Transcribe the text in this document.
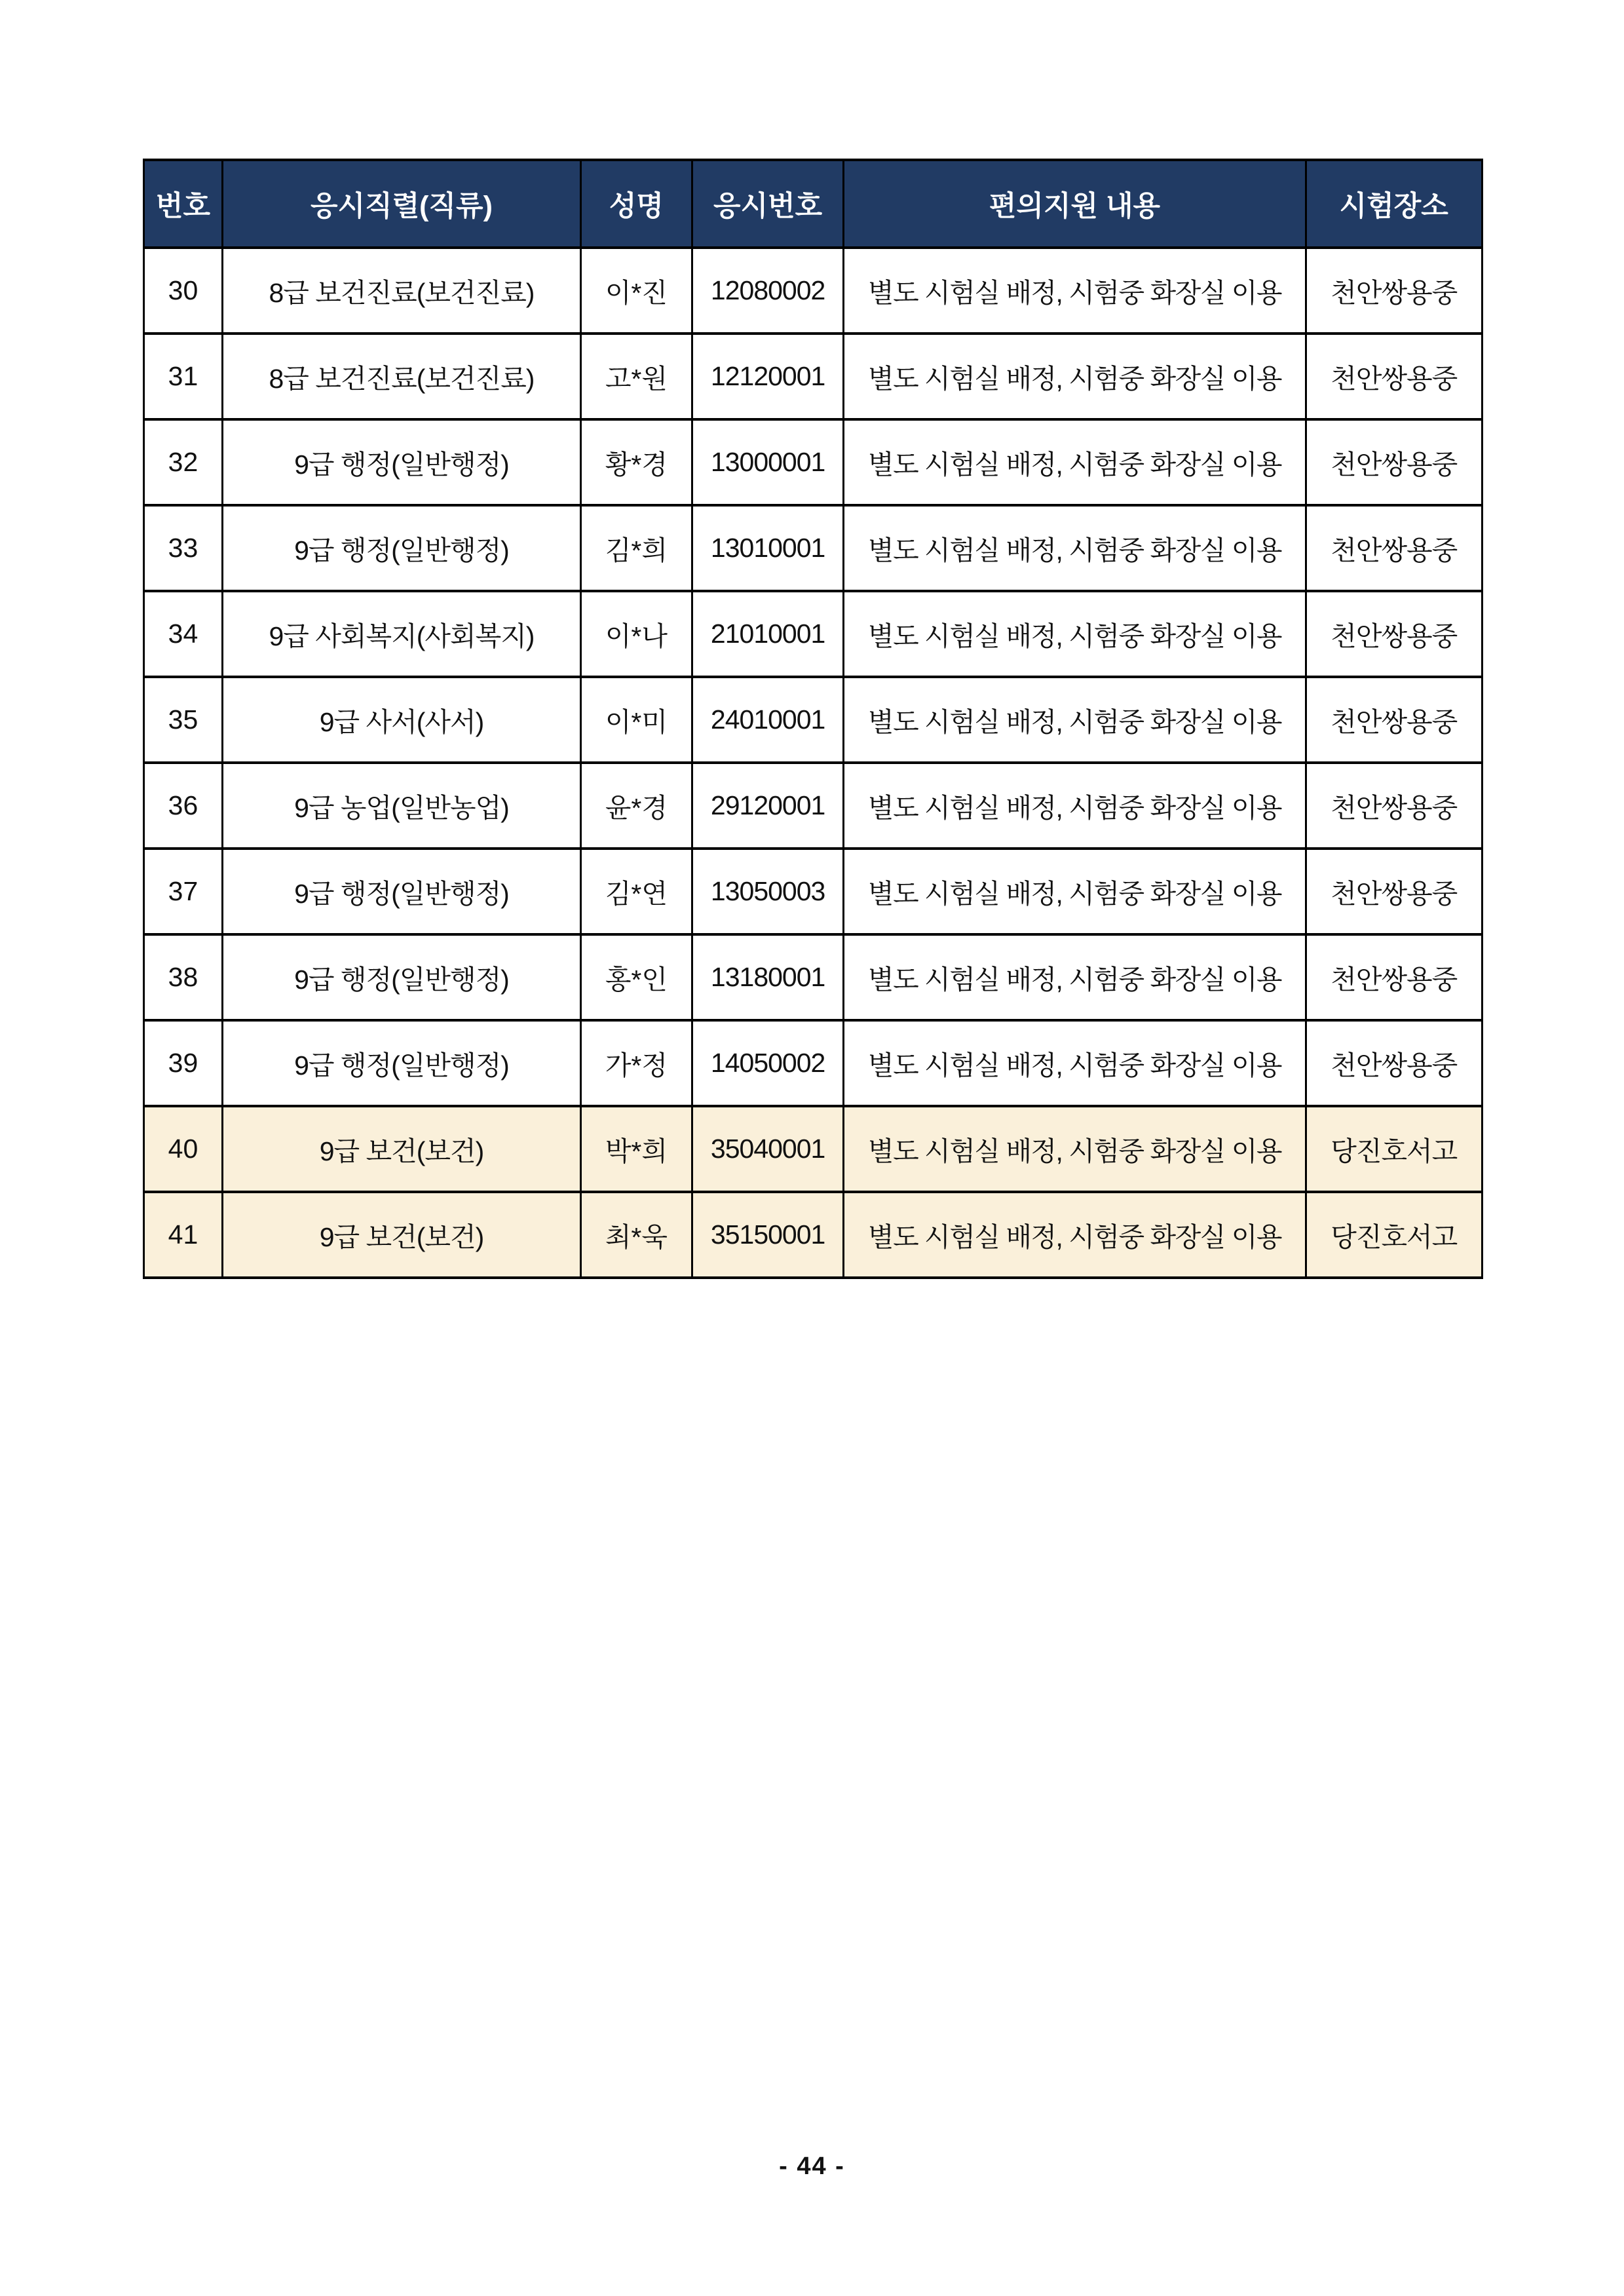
번호	응시직렬(직류)	성명	응시번호	편의지원 내용	시험장소
30	8급 보건진료(보건진료)	이*진	12080002	별도 시험실 배정, 시험중 화장실 이용	천안쌍용중
31	8급 보건진료(보건진료)	고*원	12120001	별도 시험실 배정, 시험중 화장실 이용	천안쌍용중
32	9급 행정(일반행정)	황*경	13000001	별도 시험실 배정, 시험중 화장실 이용	천안쌍용중
33	9급 행정(일반행정)	김*희	13010001	별도 시험실 배정, 시험중 화장실 이용	천안쌍용중
34	9급 사회복지(사회복지)	이*나	21010001	별도 시험실 배정, 시험중 화장실 이용	천안쌍용중
35	9급 사서(사서)	이*미	24010001	별도 시험실 배정, 시험중 화장실 이용	천안쌍용중
36	9급 농업(일반농업)	윤*경	29120001	별도 시험실 배정, 시험중 화장실 이용	천안쌍용중
37	9급 행정(일반행정)	김*연	13050003	별도 시험실 배정, 시험중 화장실 이용	천안쌍용중
38	9급 행정(일반행정)	홍*인	13180001	별도 시험실 배정, 시험중 화장실 이용	천안쌍용중
39	9급 행정(일반행정)	가*정	14050002	별도 시험실 배정, 시험중 화장실 이용	천안쌍용중
40	9급 보건(보건)	박*희	35040001	별도 시험실 배정, 시험중 화장실 이용	당진호서고
41	9급 보건(보건)	최*욱	35150001	별도 시험실 배정, 시험중 화장실 이용	당진호서고
- 44 -
